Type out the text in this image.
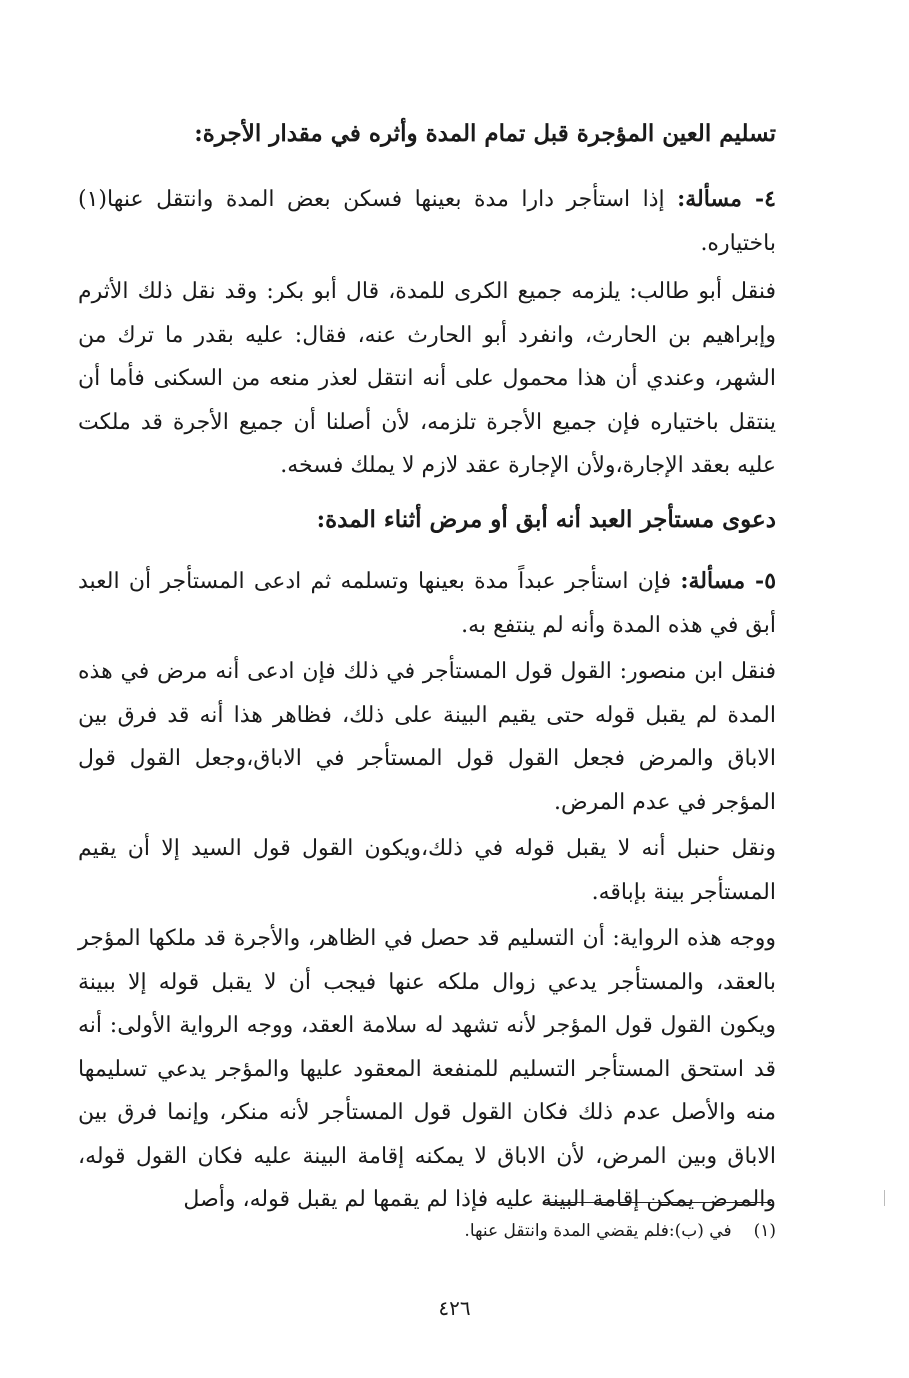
تسليم العين المؤجرة قبل تمام المدة وأثره في مقدار الأجرة:

٤- مسألة: إذا استأجر دارا مدة بعينها فسكن بعض المدة وانتقل عنها(١) باختياره.

فنقل أبو طالب: يلزمه جميع الكرى للمدة، قال أبو بكر: وقد نقل ذلك الأثرم وإبراهيم بن الحارث، وانفرد أبو الحارث عنه، فقال: عليه بقدر ما ترك من الشهر، وعندي أن هذا محمول على أنه انتقل لعذر منعه من السكنى فأما أن ينتقل باختياره فإن جميع الأجرة تلزمه، لأن أصلنا أن جميع الأجرة قد ملكت عليه بعقد الإجارة،ولأن الإجارة عقد لازم لا يملك فسخه.

دعوى مستأجر العبد أنه أبق أو مرض أثناء المدة:

٥- مسألة: فإن استأجر عبداً مدة بعينها وتسلمه ثم ادعى المستأجر أن العبد أبق في هذه المدة وأنه لم ينتفع به.

فنقل ابن منصور: القول قول المستأجر في ذلك فإن ادعى أنه مرض في هذه المدة لم يقبل قوله حتى يقيم البينة على ذلك، فظاهر هذا أنه قد فرق بين الاباق والمرض فجعل القول قول المستأجر في الاباق،وجعل القول قول المؤجر في عدم المرض.

ونقل حنبل أنه لا يقبل قوله في ذلك،ويكون القول قول السيد إلا أن يقيم المستأجر بينة بإباقه.

ووجه هذه الرواية: أن التسليم قد حصل في الظاهر، والأجرة قد ملكها المؤجر بالعقد، والمستأجر يدعي زوال ملكه عنها فيجب أن لا يقبل قوله إلا ببينة ويكون القول قول المؤجر لأنه تشهد له سلامة العقد، ووجه الرواية الأولى: أنه قد استحق المستأجر التسليم للمنفعة المعقود عليها والمؤجر يدعي تسليمها منه والأصل عدم ذلك فكان القول قول المستأجر لأنه منكر، وإنما فرق بين الاباق وبين المرض، لأن الاباق لا يمكنه إقامة البينة عليه فكان القول قوله، والمرض يمكن إقامة البينة عليه فإذا لم يقمها لم يقبل قوله، وأصل

(١)في (ب):فلم يقضي المدة وانتقل عنها.
٤٢٦
